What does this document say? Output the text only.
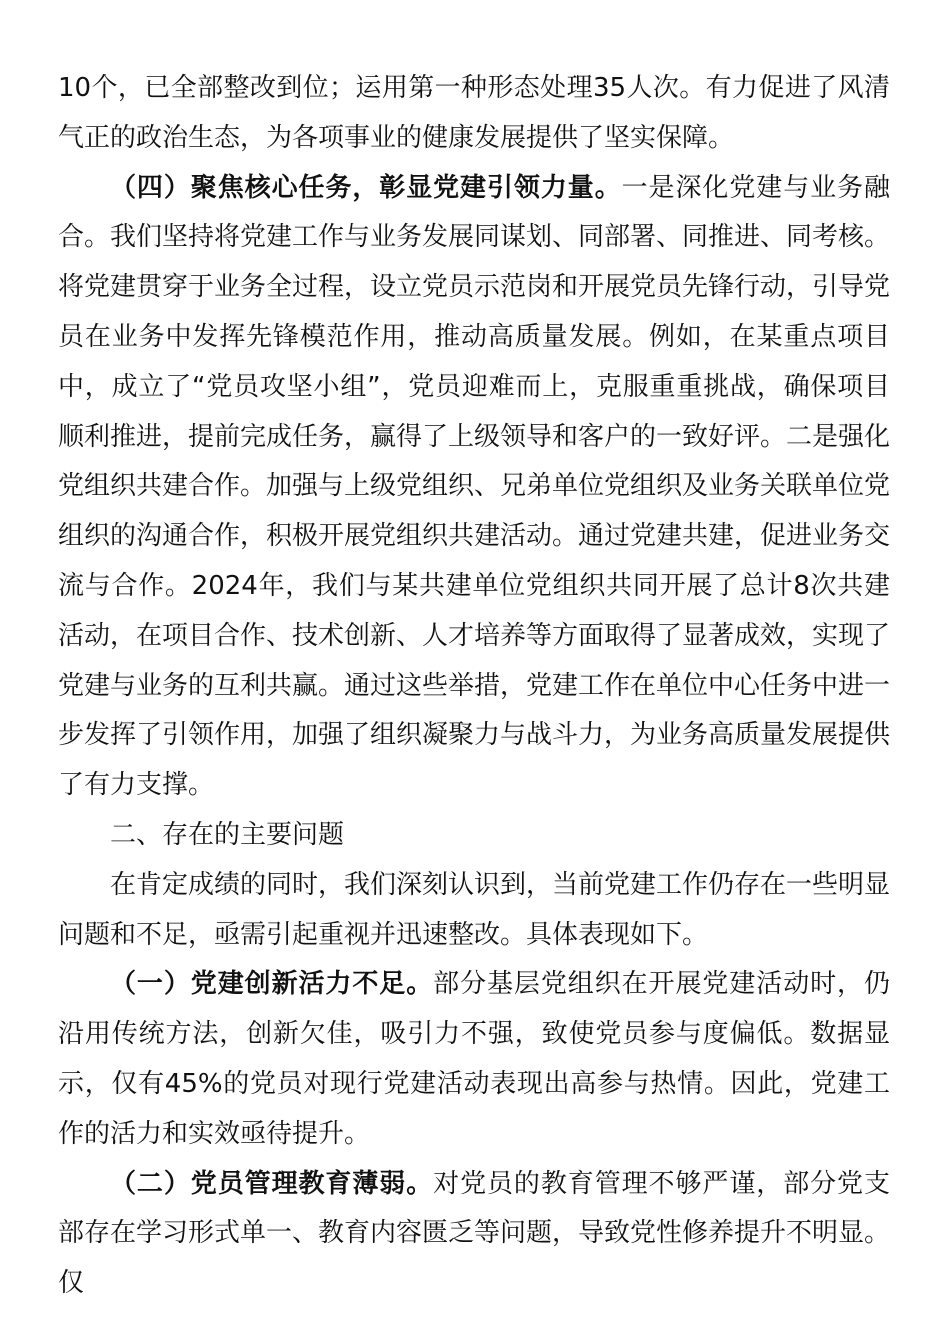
10个，已全部整改到位；运用第一种形态处理35人次。有力促进了风清气正的政治生态，为各项事业的健康发展提供了坚实保障。

（四）聚焦核心任务，彰显党建引领力量。一是深化党建与业务融合。我们坚持将党建工作与业务发展同谋划、同部署、同推进、同考核。将党建贯穿于业务全过程，设立党员示范岗和开展党员先锋行动，引导党员在业务中发挥先锋模范作用，推动高质量发展。例如，在某重点项目中，成立了“党员攻坚小组”，党员迎难而上，克服重重挑战，确保项目顺利推进，提前完成任务，赢得了上级领导和客户的一致好评。二是强化党组织共建合作。加强与上级党组织、兄弟单位党组织及业务关联单位党组织的沟通合作，积极开展党组织共建活动。通过党建共建，促进业务交流与合作。2024年，我们与某共建单位党组织共同开展了总计8次共建活动，在项目合作、技术创新、人才培养等方面取得了显著成效，实现了党建与业务的互利共赢。通过这些举措，党建工作在单位中心任务中进一步发挥了引领作用，加强了组织凝聚力与战斗力，为业务高质量发展提供了有力支撑。

二、存在的主要问题

在肯定成绩的同时，我们深刻认识到，当前党建工作仍存在一些明显问题和不足，亟需引起重视并迅速整改。具体表现如下。

（一）党建创新活力不足。部分基层党组织在开展党建活动时，仍沿用传统方法，创新欠佳，吸引力不强，致使党员参与度偏低。数据显示，仅有45%的党员对现行党建活动表现出高参与热情。因此，党建工作的活力和实效亟待提升。

（二）党员管理教育薄弱。对党员的教育管理不够严谨，部分党支部存在学习形式单一、教育内容匮乏等问题，导致党性修养提升不明显。仅
